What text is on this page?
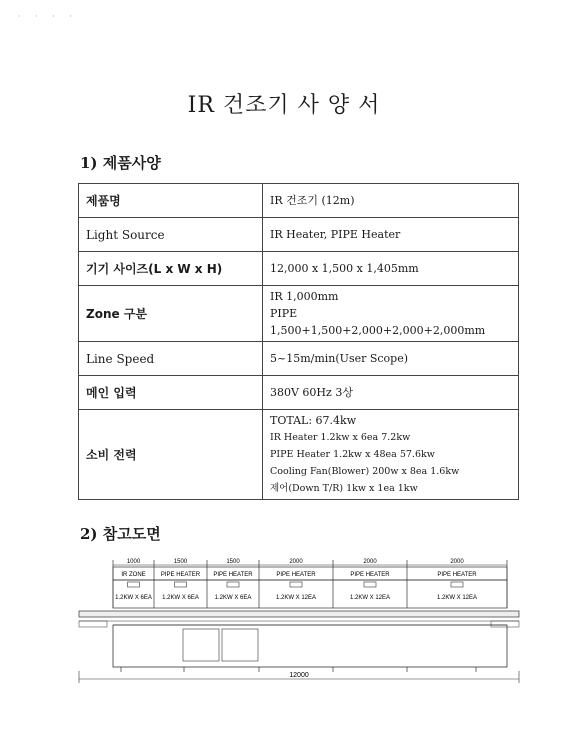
· · · ·
IR 건조기 사 양 서
1) 제품사양
제품명	IR 건조기 (12m)

Light Source	IR Heater, PIPE Heater

기기 사이즈(L x W x H)	12,000 x 1,500 x 1,405mm

Zone 구분	IR 1,000mm
PIPE 1,500+1,500+2,000+2,000+2,000mm

Line Speed	5~15m/min(User Scope)

메인 입력	380V 60Hz 3상

소비 전력	TOTAL: 67.4kw
IR Heater 1.2kw x 6ea 7.2kw
PIPE Heater 1.2kw x 48ea 57.6kw
Cooling Fan(Blower) 200w x 8ea 1.6kw
제어(Down T/R) 1kw x 1ea 1kw
2) 참고도면
1000
IR ZONE
1.2KW X 6EA
1500
PIPE HEATER
1.2KW X 6EA
1500
PIPE HEATER
1.2KW X 6EA
2000
PIPE HEATER
1.2KW X 12EA
2000
PIPE HEATER
1.2KW X 12EA
2000
PIPE HEATER
1.2KW X 12EA
12000
